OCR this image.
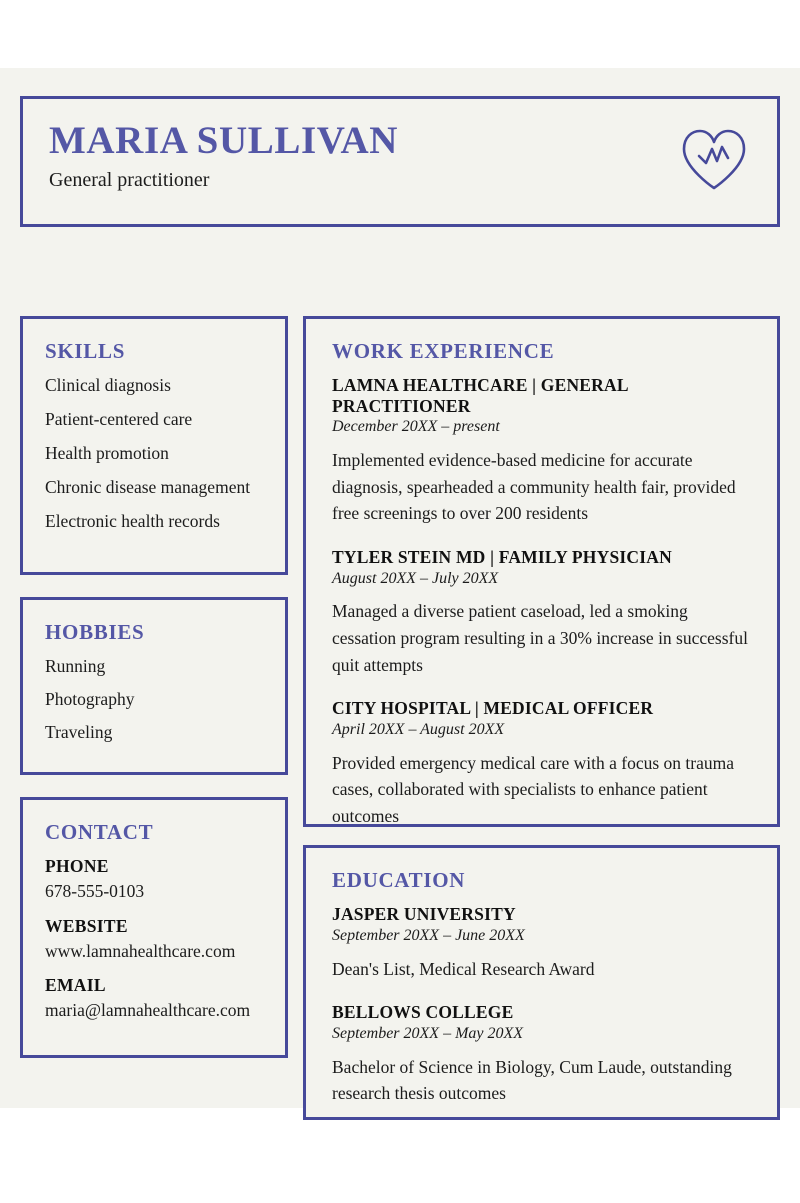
MARIA SULLIVAN

General practitioner

SKILLS
Clinical diagnosis
Patient-centered care
Health promotion
Chronic disease management
Electronic health records
HOBBIES
Running
Photography
Traveling
CONTACT
PHONE
678-555-0103
WEBSITE
www.lamnahealthcare.com
EMAIL
maria@lamnahealthcare.com
WORK EXPERIENCE

LAMNA HEALTHCARE | GENERAL PRACTITIONER

December 20XX – present

Implemented evidence-based medicine for accurate diagnosis, spearheaded a community health fair, provided free screenings to over 200 residents

TYLER STEIN MD | FAMILY PHYSICIAN

August 20XX – July 20XX

Managed a diverse patient caseload, led a smoking cessation program resulting in a 30% increase in successful quit attempts

CITY HOSPITAL | MEDICAL OFFICER

April 20XX – August 20XX

Provided emergency medical care with a focus on trauma cases, collaborated with specialists to enhance patient outcomes

EDUCATION

JASPER UNIVERSITY

September 20XX – June 20XX

Dean's List, Medical Research Award

BELLOWS COLLEGE

September 20XX – May 20XX

Bachelor of Science in Biology, Cum Laude, outstanding research thesis outcomes
